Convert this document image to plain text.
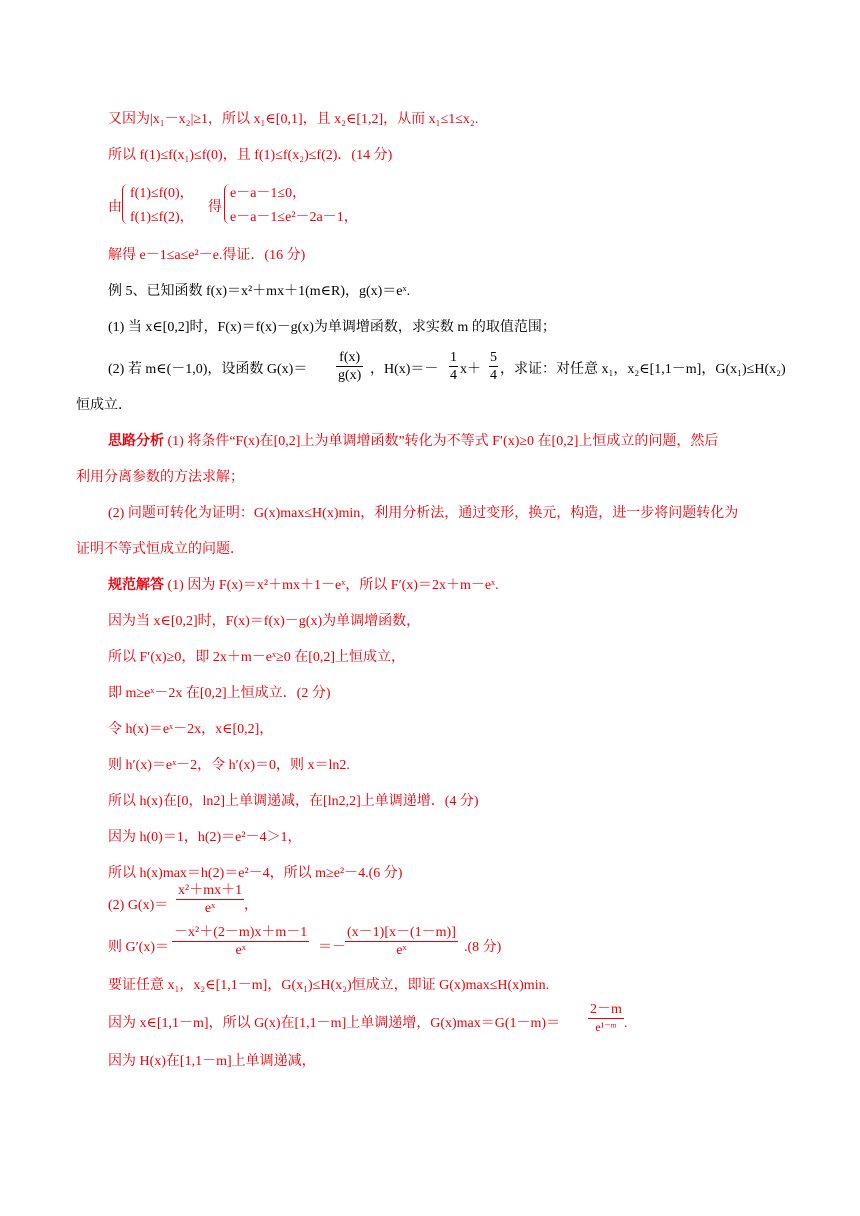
又因为|x₁－x₂|≥1，所以 x₁∈[0,1]，且 x₂∈[1,2]，从而 x₁≤1≤x₂.
所以 f(1)≤f(x₁)≤f(0)，且 f(1)≤f(x₂)≤f(2)．(14 分)
由
f(1)≤f(0)，
f(1)≤f(2)，
得
e－a－1≤0，
e－a－1≤e²－2a－1，
解得 e－1≤a≤e²－e.得证．(16 分)
例 5、已知函数 f(x)＝x²＋mx＋1(m∈R)，g(x)＝eˣ.
(1) 当 x∈[0,2]时，F(x)＝f(x)－g(x)为单调增函数，求实数 m 的取值范围；
(2) 若 m∈(－1,0)，设函数 $G(x)= \frac{f(x)}{g(x)}$ ，$H(x)=- \frac{1}{4} x+ \frac{5}{4}$ ，求证：对任意 x₁，x₂∈[1,1－m]，G(x₁)≤H(x₂)
恒成立．
思路分析 (1) 将条件“F(x)在[0,2]上为单调增函数”转化为不等式 F′(x)≥0 在[0,2]上恒成立的问题，然后
利用分离参数的方法求解；
(2) 问题可转化为证明：G(x)max≤H(x)min，利用分析法，通过变形，换元，构造，进一步将问题转化为
证明不等式恒成立的问题．
规范解答 (1) 因为 F(x)＝x²＋mx＋1－eˣ，所以 F′(x)＝2x＋m－eˣ.
因为当 x∈[0,2]时，F(x)＝f(x)－g(x)为单调增函数，
所以 F′(x)≥0，即 2x＋m－eˣ≥0 在[0,2]上恒成立，
即 m≥eˣ－2x 在[0,2]上恒成立．(2 分)
令 h(x)＝eˣ－2x，x∈[0,2]，
则 h′(x)＝eˣ－2，令 h′(x)＝0，则 x＝ln2.
所以 h(x)在[0，ln2]上单调递减，在[ln2,2]上单调递增．(4 分)
因为 h(0)＝1，h(2)＝e²－4＞1，
所以 h(x)max＝h(2)＝e²－4，所以 m≥e²－4.(6 分)
(2) $G(x)= \frac{\text{x²＋mx＋1}}{\text{eˣ}}$ ，
则 $G'(x)= \frac{\text{－x²＋(2－m)x＋m－1}}{\text{eˣ}} =- \frac{(x-1)[x-(1-m)]}{\text{eˣ}} .(8$ 分)
要证任意 x₁，x₂∈[1,1－m]，G(x₁)≤H(x₂)恒成立，即证 G(x)max≤H(x)min.
因为 x∈[1,1－m]，所以 G(x)在[1,1－m]上单调递增，$G(x)\max=G(1-m)= \frac{2-m}{\text{e¹⁻ᵐ}}$ .
因为 H(x)在[1,1－m]上单调递减，
